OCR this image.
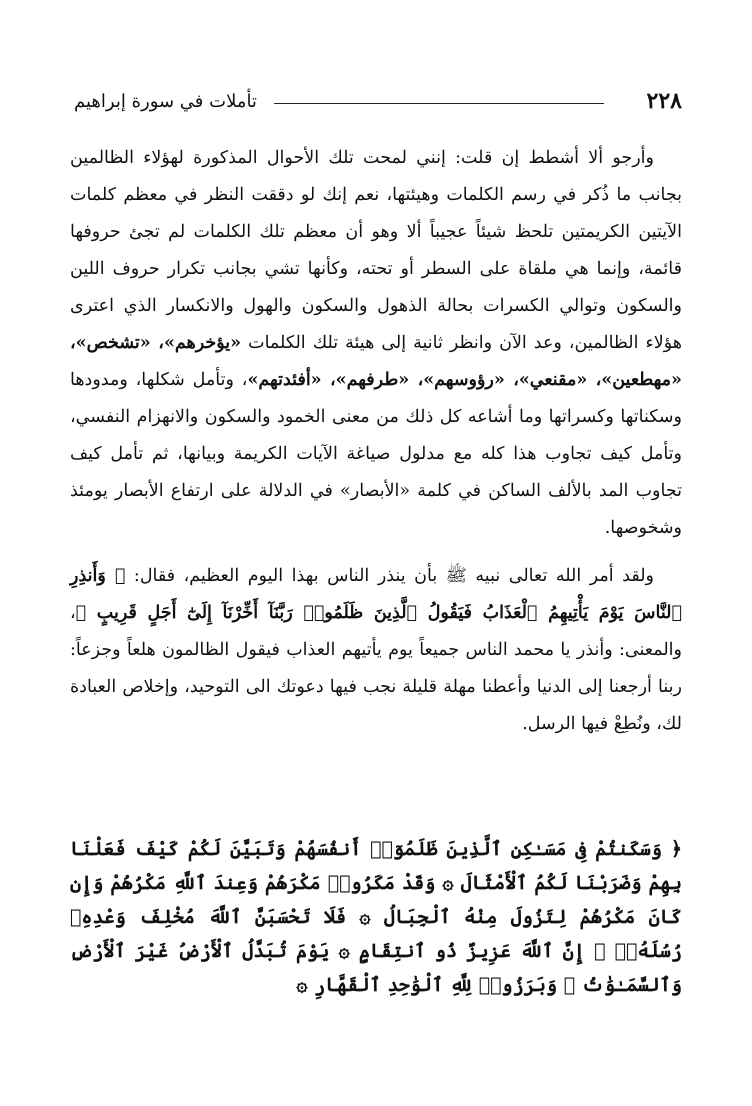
٢٢٨
تأملات في سورة إبراهيم

وأرجو ألا أشطط إن قلت: إنني لمحت تلك الأحوال المذكورة لهؤلاء الظالمين بجانب ما ذُكر في رسم الكلمات وهيئتها، نعم إنك لو دققت النظر في معظم كلمات الآيتين الكريمتين تلحظ شيئاً عجيباً ألا وهو أن معظم تلك الكلمات لم تجئ حروفها قائمة، وإنما هي ملقاة على السطر أو تحته، وكأنها تشي بجانب تكرار حروف اللين والسكون وتوالي الكسرات بحالة الذهول والسكون والهول والانكسار الذي اعترى هؤلاء الظالمين، وعد الآن وانظر ثانية إلى هيئة تلك الكلمات «يؤخرهم»، «تشخص»، «مهطعين»، «مقنعي»، «رؤوسهم»، «طرفهم»، «أفئدتهم»، وتأمل شكلها، ومدودها وسكناتها وكسراتها وما أشاعه كل ذلك من معنى الخمود والسكون والانهزام النفسي، وتأمل كيف تجاوب هذا كله مع مدلول صياغة الآيات الكريمة وبيانها، ثم تأمل كيف تجاوب المد بالألف الساكن في كلمة «الأبصار» في الدلالة على ارتفاع الأبصار يومئذ وشخوصها.

ولقد أمر الله تعالى نبيه ﷺ بأن ينذر الناس بهذا اليوم العظيم، فقال: ﴿ وَأَنذِرِ ٱلنَّاسَ يَوْمَ يَأْتِيهِمُ ٱلْعَذَابُ فَيَقُولُ ٱلَّذِينَ ظَلَمُوا۟ رَبَّنَآ أَخِّرْنَآ إِلَىٰٓ أَجَلٍ قَرِيبٍ ﴾، والمعنى: وأنذر يا محمد الناس جميعاً يوم يأتيهم العذاب فيقول الظالمون هلعاً وجزعاً: ربنا أرجعنا إلى الدنيا وأعطنا مهلة قليلة نجب فيها دعوتك الى التوحيد، وإخلاص العبادة لك، ونُطِعْ فيها الرسل.

﴿ وَسَكَنتُمْ فِى مَسَـٰكِنِ ٱلَّذِينَ ظَلَمُوٓا۟ أَنفُسَهُمْ وَتَبَيَّنَ لَكُمْ كَيْفَ فَعَلْنَا بِهِمْ وَضَرَبْنَا لَكُمُ ٱلْأَمْثَالَ ۞ وَقَدْ مَكَرُوا۟ مَكْرَهُمْ وَعِندَ ٱللَّهِ مَكْرُهُمْ وَإِن كَانَ مَكْرُهُمْ لِتَزُولَ مِنْهُ ٱلْجِبَالُ ۞ فَلَا تَحْسَبَنَّ ٱللَّهَ مُخْلِفَ وَعْدِهِۦ رُسُلَهُۥٓ ۚ إِنَّ ٱللَّهَ عَزِيزٌ ذُو ٱنتِقَامٍ ۞ يَوْمَ تُبَدَّلُ ٱلْأَرْضُ غَيْرَ ٱلْأَرْضِ وَٱلسَّمَـٰوَٰتُ ۖ وَبَرَزُوا۟ لِلَّهِ ٱلْوَٰحِدِ ٱلْقَهَّارِ ۞
